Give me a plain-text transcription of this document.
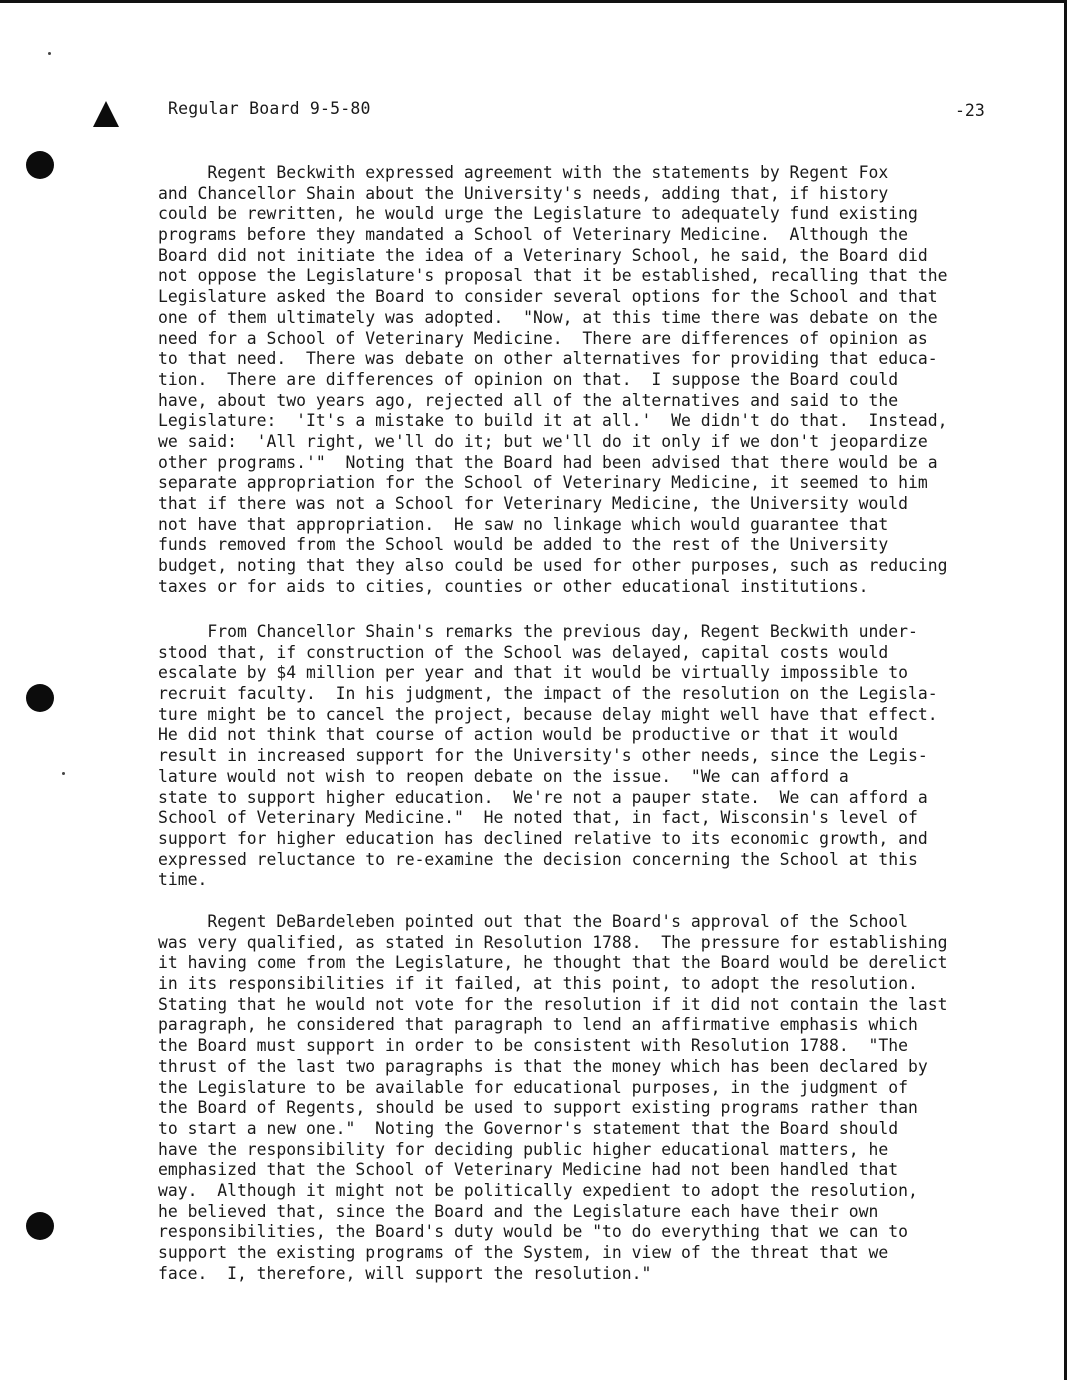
Regular Board 9-5-80	-23
Regent Beckwith expressed agreement with the statements by Regent Fox
and Chancellor Shain about the University's needs, adding that, if history
could be rewritten, he would urge the Legislature to adequately fund existing
programs before they mandated a School of Veterinary Medicine.  Although the
Board did not initiate the idea of a Veterinary School, he said, the Board did
not oppose the Legislature's proposal that it be established, recalling that the
Legislature asked the Board to consider several options for the School and that
one of them ultimately was adopted.  "Now, at this time there was debate on the
need for a School of Veterinary Medicine.  There are differences of opinion as
to that need.  There was debate on other alternatives for providing that educa-
tion.  There are differences of opinion on that.  I suppose the Board could
have, about two years ago, rejected all of the alternatives and said to the
Legislature:  'It's a mistake to build it at all.'  We didn't do that.  Instead,
we said:  'All right, we'll do it; but we'll do it only if we don't jeopardize
other programs.'"  Noting that the Board had been advised that there would be a
separate appropriation for the School of Veterinary Medicine, it seemed to him
that if there was not a School for Veterinary Medicine, the University would
not have that appropriation.  He saw no linkage which would guarantee that
funds removed from the School would be added to the rest of the University
budget, noting that they also could be used for other purposes, such as reducing
taxes or for aids to cities, counties or other educational institutions.
From Chancellor Shain's remarks the previous day, Regent Beckwith under-
stood that, if construction of the School was delayed, capital costs would
escalate by $4 million per year and that it would be virtually impossible to
recruit faculty.  In his judgment, the impact of the resolution on the Legisla-
ture might be to cancel the project, because delay might well have that effect.
He did not think that course of action would be productive or that it would
result in increased support for the University's other needs, since the Legis-
lature would not wish to reopen debate on the issue.  "We can afford a
state to support higher education.  We're not a pauper state.  We can afford a
School of Veterinary Medicine."  He noted that, in fact, Wisconsin's level of
support for higher education has declined relative to its economic growth, and
expressed reluctance to re-examine the decision concerning the School at this
time.
Regent DeBardeleben pointed out that the Board's approval of the School
was very qualified, as stated in Resolution 1788.  The pressure for establishing
it having come from the Legislature, he thought that the Board would be derelict
in its responsibilities if it failed, at this point, to adopt the resolution.
Stating that he would not vote for the resolution if it did not contain the last
paragraph, he considered that paragraph to lend an affirmative emphasis which
the Board must support in order to be consistent with Resolution 1788.  "The
thrust of the last two paragraphs is that the money which has been declared by
the Legislature to be available for educational purposes, in the judgment of
the Board of Regents, should be used to support existing programs rather than
to start a new one."  Noting the Governor's statement that the Board should
have the responsibility for deciding public higher educational matters, he
emphasized that the School of Veterinary Medicine had not been handled that
way.  Although it might not be politically expedient to adopt the resolution,
he believed that, since the Board and the Legislature each have their own
responsibilities, the Board's duty would be "to do everything that we can to
support the existing programs of the System, in view of the threat that we
face.  I, therefore, will support the resolution."
